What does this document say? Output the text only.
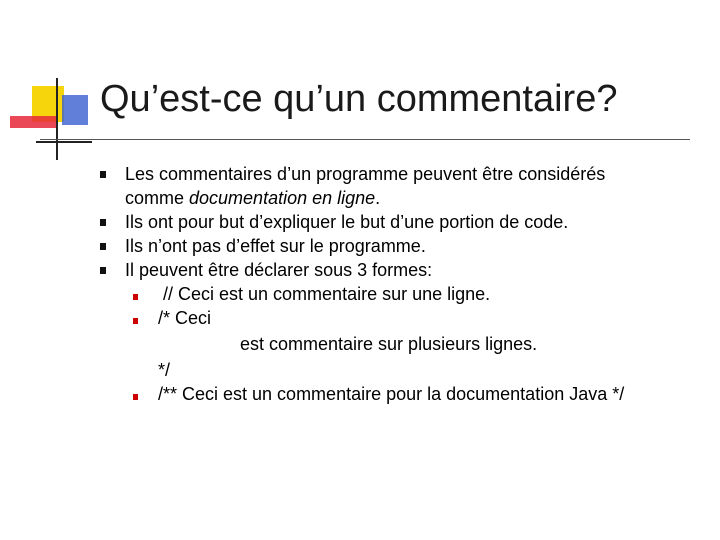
Qu’est-ce qu’un commentaire?
Les commentaires d’un programme peuvent être considérés
comme documentation en ligne.
Ils ont pour but d’expliquer le but d’une portion de code.
Ils n’ont pas d’effet sur le programme.
Il peuvent être déclarer sous 3 formes:
// Ceci est un commentaire sur une ligne.
/* Ceci
est commentaire sur plusieurs lignes.
*/
/** Ceci est un commentaire pour la documentation Java */
